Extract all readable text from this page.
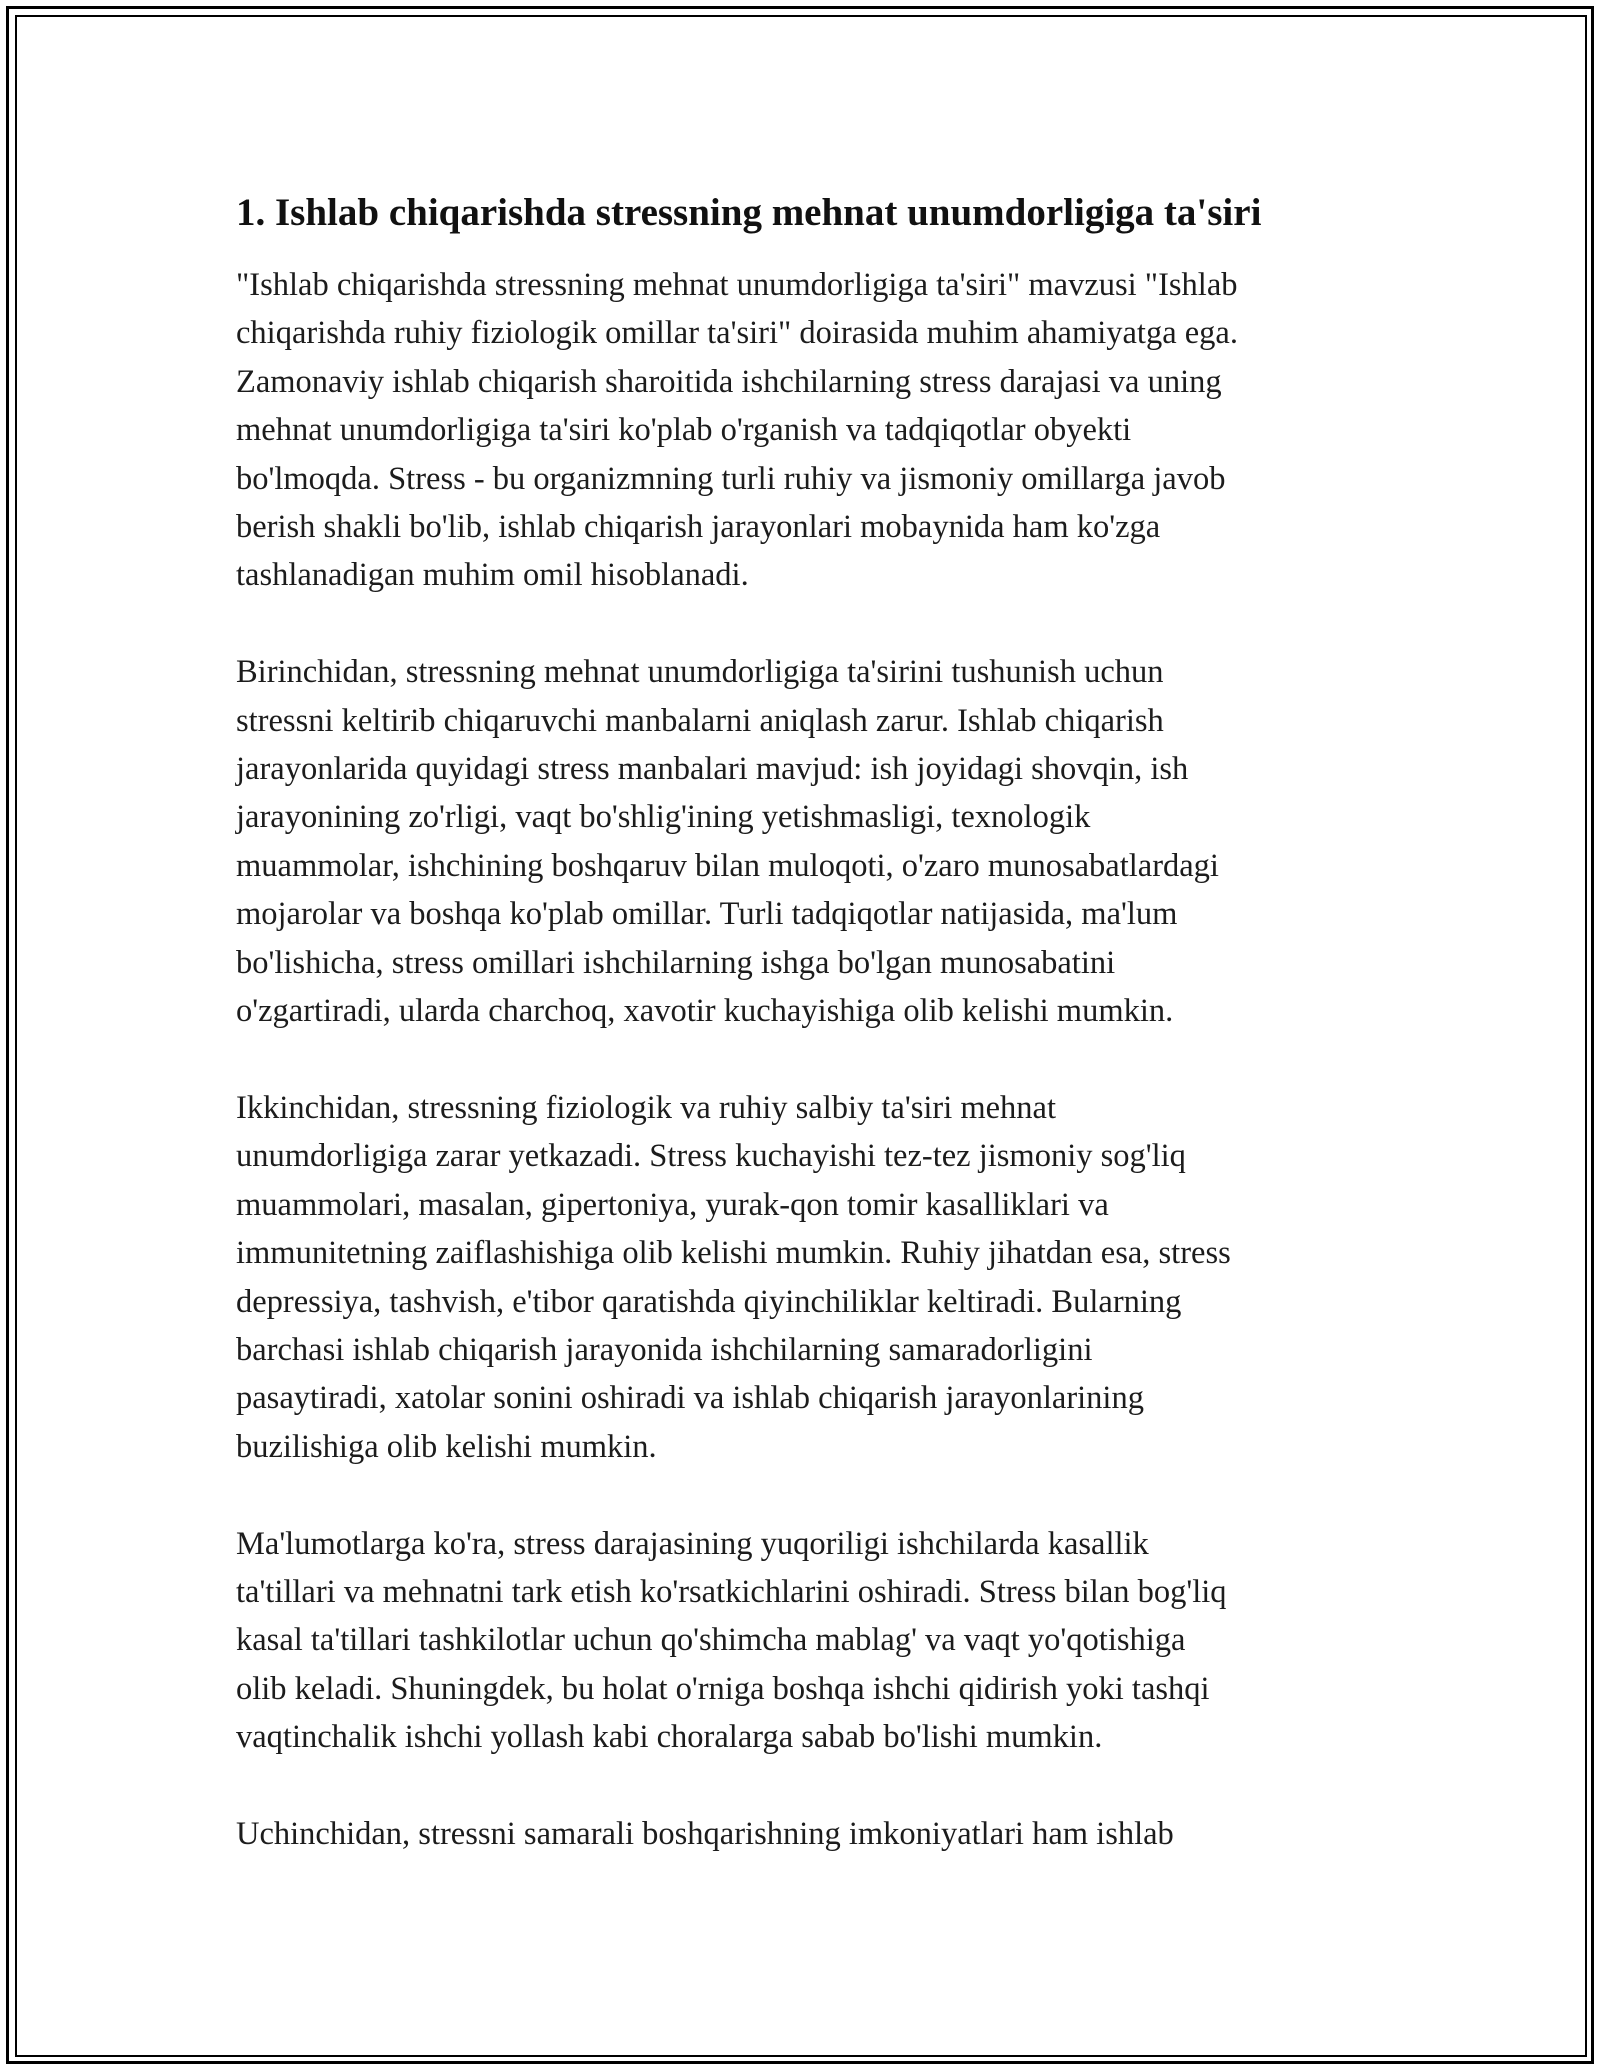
1. Ishlab chiqarishda stressning mehnat unumdorligiga ta'siri
"Ishlab chiqarishda stressning mehnat unumdorligiga ta'siri" mavzusi "Ishlab
chiqarishda ruhiy fiziologik omillar ta'siri" doirasida muhim ahamiyatga ega.
Zamonaviy ishlab chiqarish sharoitida ishchilarning stress darajasi va uning
mehnat unumdorligiga ta'siri ko'plab o'rganish va tadqiqotlar obyekti
bo'lmoqda. Stress - bu organizmning turli ruhiy va jismoniy omillarga javob
berish shakli bo'lib, ishlab chiqarish jarayonlari mobaynida ham ko'zga
tashlanadigan muhim omil hisoblanadi.
Birinchidan, stressning mehnat unumdorligiga ta'sirini tushunish uchun
stressni keltirib chiqaruvchi manbalarni aniqlash zarur. Ishlab chiqarish
jarayonlarida quyidagi stress manbalari mavjud: ish joyidagi shovqin, ish
jarayonining zo'rligi, vaqt bo'shlig'ining yetishmasligi, texnologik
muammolar, ishchining boshqaruv bilan muloqoti, o'zaro munosabatlardagi
mojarolar va boshqa ko'plab omillar. Turli tadqiqotlar natijasida, ma'lum
bo'lishicha, stress omillari ishchilarning ishga bo'lgan munosabatini
o'zgartiradi, ularda charchoq, xavotir kuchayishiga olib kelishi mumkin.
Ikkinchidan, stressning fiziologik va ruhiy salbiy ta'siri mehnat
unumdorligiga zarar yetkazadi. Stress kuchayishi tez-tez jismoniy sog'liq
muammolari, masalan, gipertoniya, yurak-qon tomir kasalliklari va
immunitetning zaiflashishiga olib kelishi mumkin. Ruhiy jihatdan esa, stress
depressiya, tashvish, e'tibor qaratishda qiyinchiliklar keltiradi. Bularning
barchasi ishlab chiqarish jarayonida ishchilarning samaradorligini
pasaytiradi, xatolar sonini oshiradi va ishlab chiqarish jarayonlarining
buzilishiga olib kelishi mumkin.
Ma'lumotlarga ko'ra, stress darajasining yuqoriligi ishchilarda kasallik
ta'tillari va mehnatni tark etish ko'rsatkichlarini oshiradi. Stress bilan bog'liq
kasal ta'tillari tashkilotlar uchun qo'shimcha mablag' va vaqt yo'qotishiga
olib keladi. Shuningdek, bu holat o'rniga boshqa ishchi qidirish yoki tashqi
vaqtinchalik ishchi yollash kabi choralarga sabab bo'lishi mumkin.
Uchinchidan, stressni samarali boshqarishning imkoniyatlari ham ishlab
